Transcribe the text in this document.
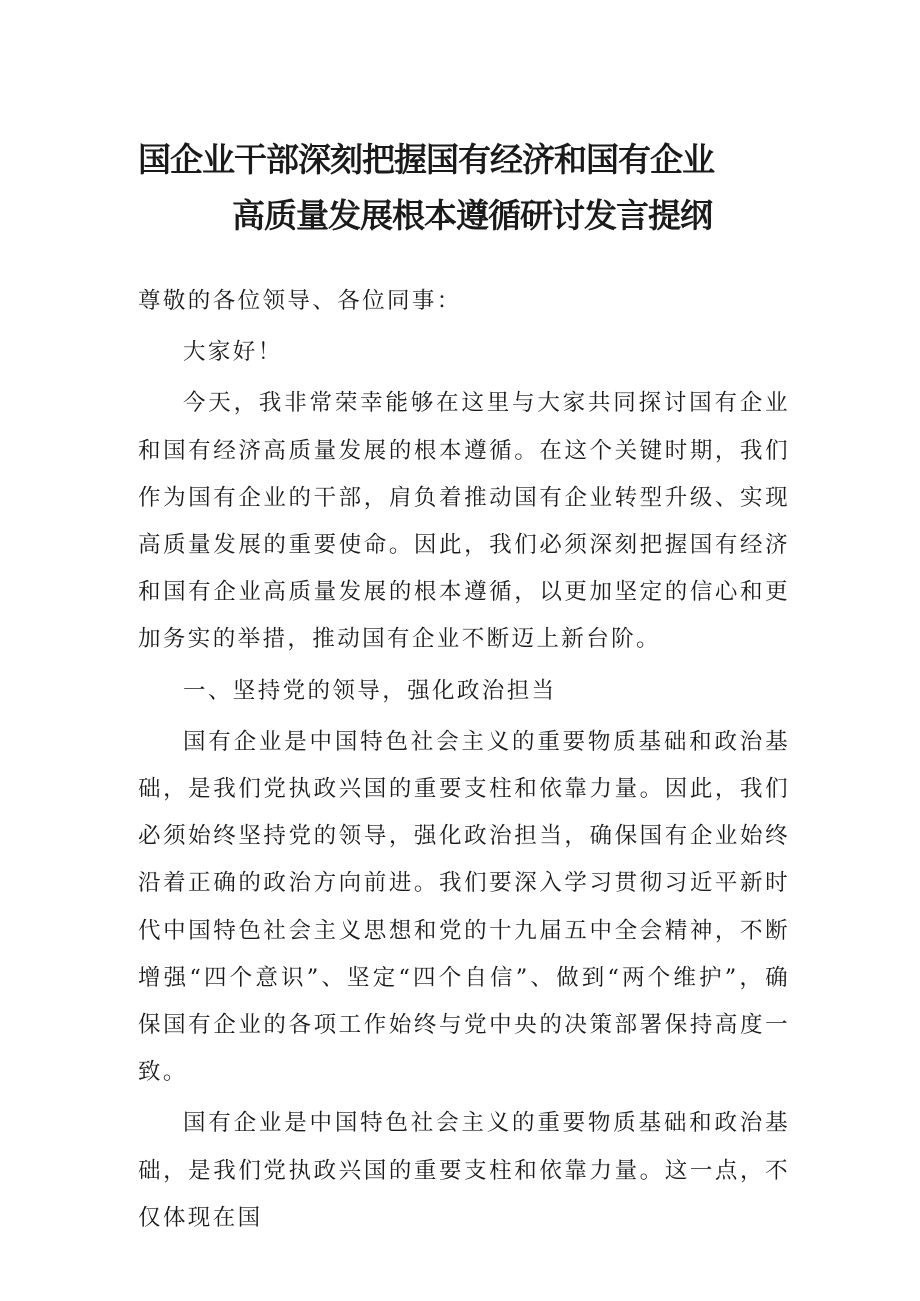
国企业干部深刻把握国有经济和国有企业
高质量发展根本遵循研讨发言提纲

尊敬的各位领导、各位同事：

大家好！

今天，我非常荣幸能够在这里与大家共同探讨国有企业和国有经济高质量发展的根本遵循。在这个关键时期，我们作为国有企业的干部，肩负着推动国有企业转型升级、实现高质量发展的重要使命。因此，我们必须深刻把握国有经济和国有企业高质量发展的根本遵循，以更加坚定的信心和更加务实的举措，推动国有企业不断迈上新台阶。

一、坚持党的领导，强化政治担当

国有企业是中国特色社会主义的重要物质基础和政治基础，是我们党执政兴国的重要支柱和依靠力量。因此，我们必须始终坚持党的领导，强化政治担当，确保国有企业始终沿着正确的政治方向前进。我们要深入学习贯彻习近平新时代中国特色社会主义思想和党的十九届五中全会精神，不断增强“四个意识”、坚定“四个自信”、做到“两个维护”，确保国有企业的各项工作始终与党中央的决策部署保持高度一致。

国有企业是中国特色社会主义的重要物质基础和政治基础，是我们党执政兴国的重要支柱和依靠力量。这一点，不仅体现在国
